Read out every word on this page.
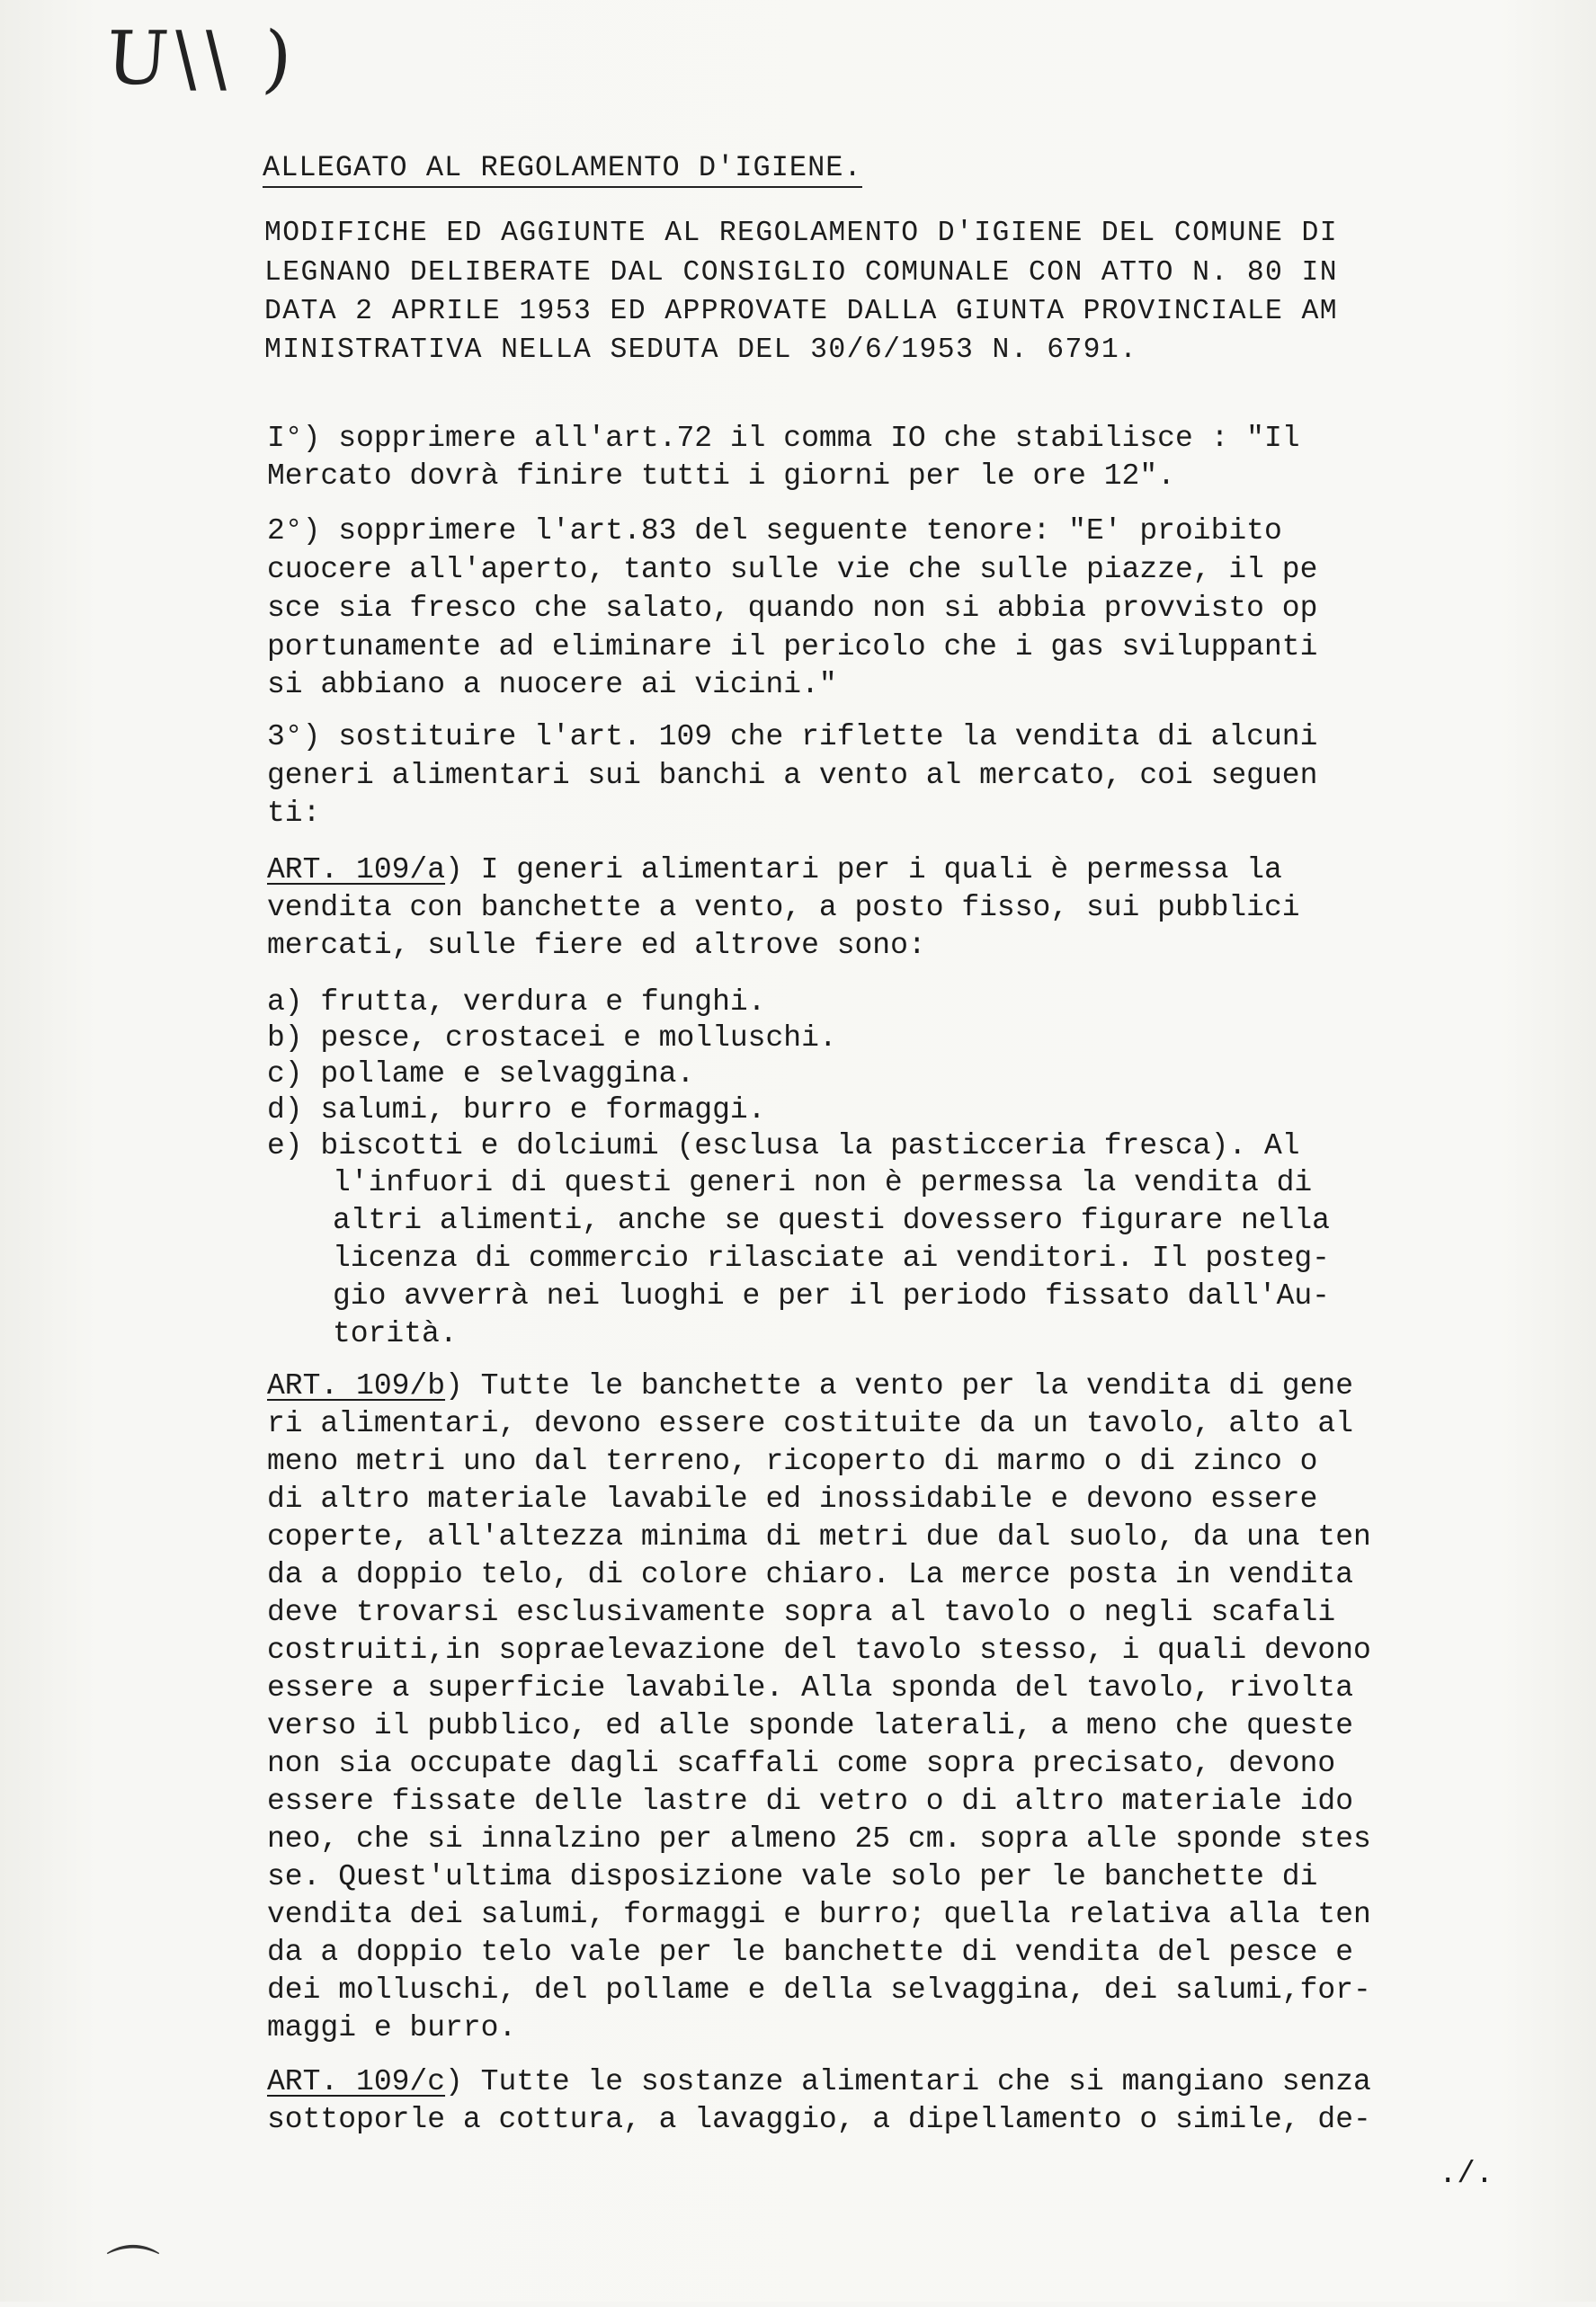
U\\ )
ALLEGATO AL REGOLAMENTO D'IGIENE.
MODIFICHE ED AGGIUNTE AL REGOLAMENTO D'IGIENE DEL COMUNE DI
LEGNANO DELIBERATE DAL CONSIGLIO COMUNALE CON ATTO N. 80 IN
DATA 2 APRILE 1953 ED APPROVATE DALLA GIUNTA PROVINCIALE AM
MINISTRATIVA NELLA SEDUTA DEL 30/6/1953 N. 6791.
I°) sopprimere all'art.72 il comma IO che stabilisce : "Il
Mercato dovrà finire tutti i giorni per le ore 12".
2°) sopprimere l'art.83 del seguente tenore: "E' proibito
cuocere all'aperto, tanto sulle vie che sulle piazze, il pe
sce sia fresco che salato, quando non si abbia provvisto op
portunamente ad eliminare il pericolo che i gas sviluppanti
si abbiano a nuocere ai vicini."
3°) sostituire l'art. 109 che riflette la vendita di alcuni
generi alimentari sui banchi a vento al mercato, coi seguen
ti:
ART. 109/a) I generi alimentari per i quali è permessa la
vendita con banchette a vento, a posto fisso, sui pubblici
mercati, sulle fiere ed altrove sono:
a) frutta, verdura e funghi.
b) pesce, crostacei e molluschi.
c) pollame e selvaggina.
d) salumi, burro e formaggi.
e) biscotti e dolciumi (esclusa la pasticceria fresca). Al
l'infuori di questi generi non è permessa la vendita di
altri alimenti, anche se questi dovessero figurare nella
licenza di commercio rilasciate ai venditori. Il posteg-
gio avverrà nei luoghi e per il periodo fissato dall'Au-
torità.
ART. 109/b) Tutte le banchette a vento per la vendita di gene
ri alimentari, devono essere costituite da un tavolo, alto al
meno metri uno dal terreno, ricoperto di marmo o di zinco o
di altro materiale lavabile ed inossidabile e devono essere
coperte, all'altezza minima di metri due dal suolo, da una ten
da a doppio telo, di colore chiaro. La merce posta in vendita
deve trovarsi esclusivamente sopra al tavolo o negli scafali
costruiti,in sopraelevazione del tavolo stesso, i quali devono
essere a superficie lavabile. Alla sponda del tavolo, rivolta
verso il pubblico, ed alle sponde laterali, a meno che queste
non sia occupate dagli scaffali come sopra precisato, devono
essere fissate delle lastre di vetro o di altro materiale ido
neo, che si innalzino per almeno 25 cm. sopra alle sponde stes
se. Quest'ultima disposizione vale solo per le banchette di
vendita dei salumi, formaggi e burro; quella relativa alla ten
da a doppio telo vale per le banchette di vendita del pesce e
dei molluschi, del pollame e della selvaggina, dei salumi,for-
maggi e burro.
ART. 109/c) Tutte le sostanze alimentari che si mangiano senza
sottoporle a cottura, a lavaggio, a dipellamento o simile, de-
./.
⌒
